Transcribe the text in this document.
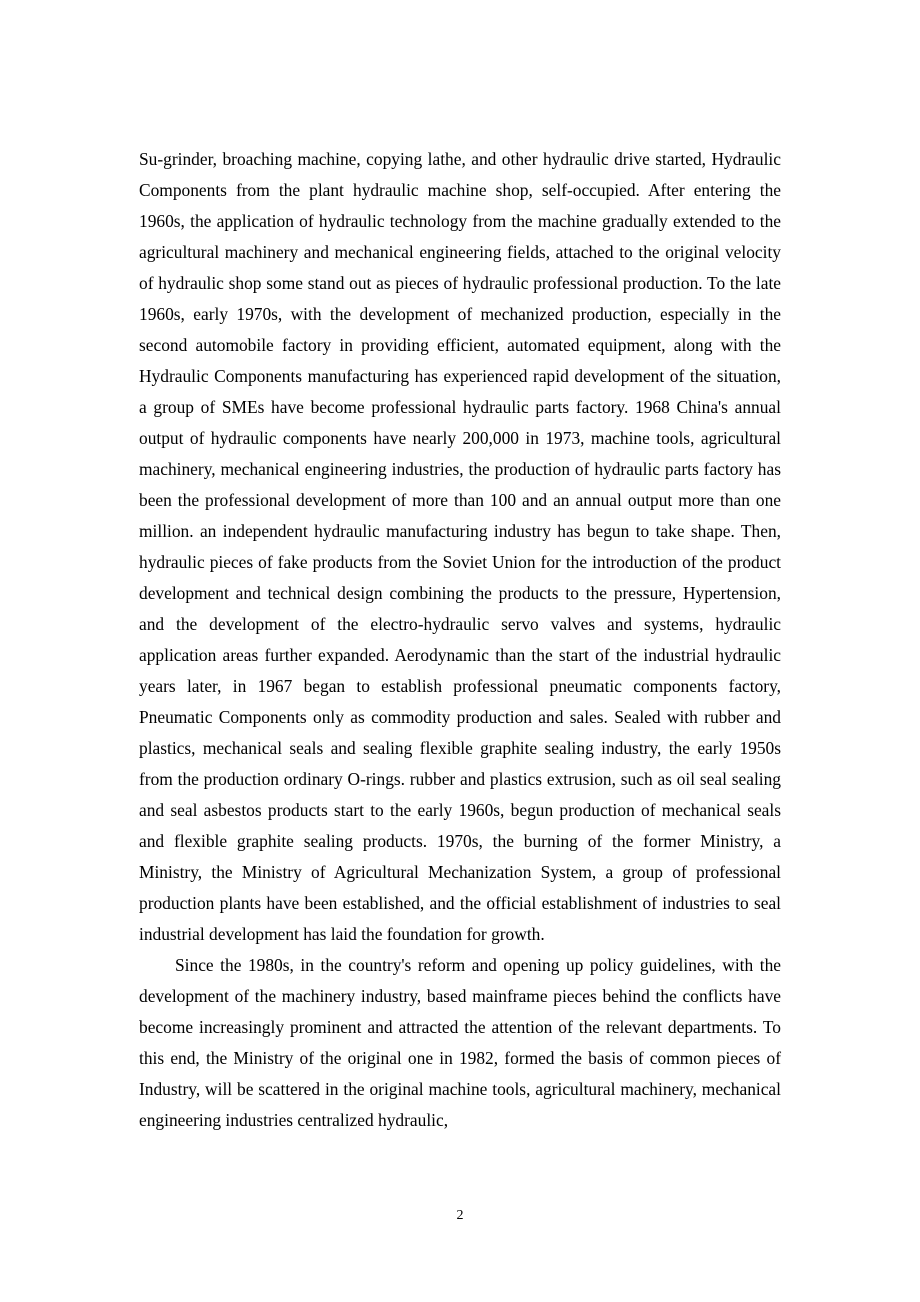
Su-grinder, broaching machine, copying lathe, and other hydraulic drive started, Hydraulic Components from the plant hydraulic machine shop, self-occupied. After entering the 1960s, the application of hydraulic technology from the machine gradually extended to the agricultural machinery and mechanical engineering fields, attached to the original velocity of hydraulic shop some stand out as pieces of hydraulic professional production. To the late 1960s, early 1970s, with the development of mechanized production, especially in the second automobile factory in providing efficient, automated equipment, along with the Hydraulic Components manufacturing has experienced rapid development of the situation, a group of SMEs have become professional hydraulic parts factory. 1968 China's annual output of hydraulic components have nearly 200,000 in 1973, machine tools, agricultural machinery, mechanical engineering industries, the production of hydraulic parts factory has been the professional development of more than 100 and an annual output more than one million. an independent hydraulic manufacturing industry has begun to take shape. Then, hydraulic pieces of fake products from the Soviet Union for the introduction of the product development and technical design combining the products to the pressure, Hypertension, and the development of the electro-hydraulic servo valves and systems, hydraulic application areas further expanded. Aerodynamic than the start of the industrial hydraulic years later, in 1967 began to establish professional pneumatic components factory, Pneumatic Components only as commodity production and sales. Sealed with rubber and plastics, mechanical seals and sealing flexible graphite sealing industry, the early 1950s from the production ordinary O-rings. rubber and plastics extrusion, such as oil seal sealing and seal asbestos products start to the early 1960s, begun production of mechanical seals and flexible graphite sealing products. 1970s, the burning of the former Ministry, a Ministry, the Ministry of Agricultural Mechanization System, a group of professional production plants have been established, and the official establishment of industries to seal industrial development has laid the foundation for growth.

Since the 1980s, in the country's reform and opening up policy guidelines, with the development of the machinery industry, based mainframe pieces behind the conflicts have become increasingly prominent and attracted the attention of the relevant departments. To this end, the Ministry of the original one in 1982, formed the basis of common pieces of Industry, will be scattered in the original machine tools, agricultural machinery, mechanical engineering industries centralized hydraulic,

2
